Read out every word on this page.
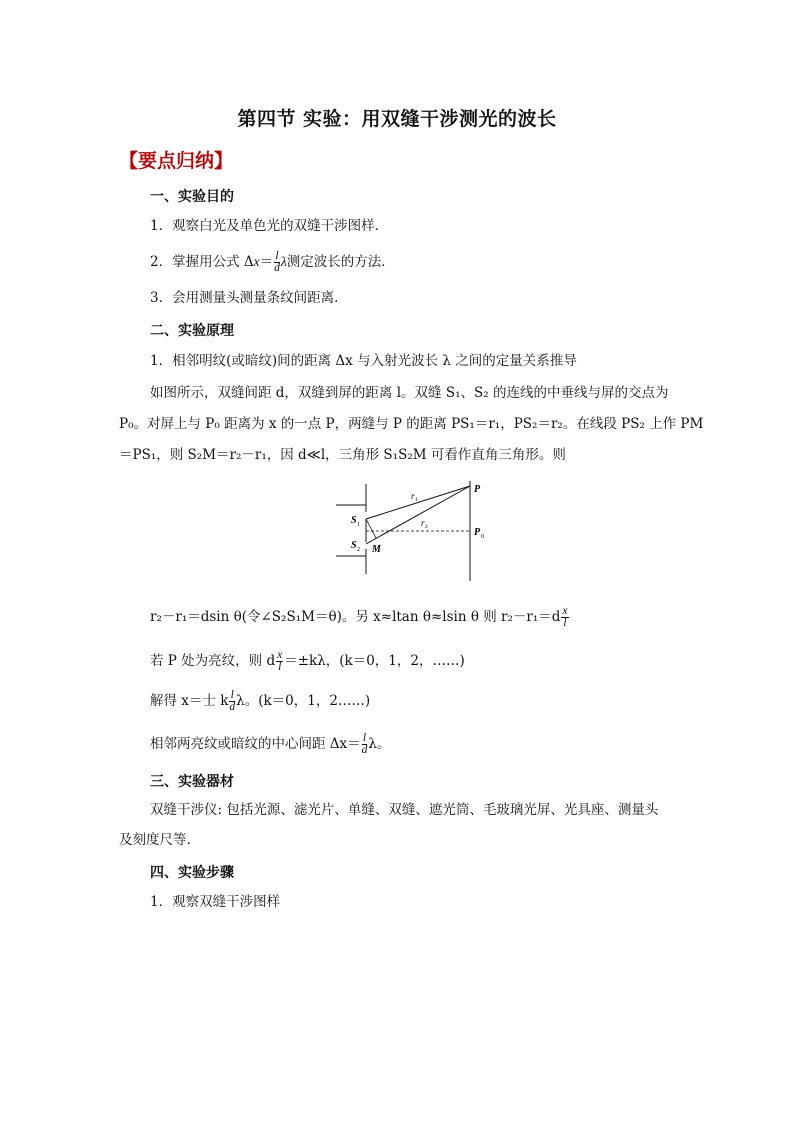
第四节 实验：用双缝干涉测光的波长
【要点归纳】
一、实验目的
1．观察白光及单色光的双缝干涉图样．
2．掌握用公式 $\Delta x= \frac{l}{d}$ λ测定波长的方法．
3．会用测量头测量条纹间距离．
二、实验原理
1．相邻明纹(或暗纹)间的距离 Δx 与入射光波长 λ 之间的定量关系推导
如图所示，双缝间距 d，双缝到屏的距离 l。双缝 S₁、S₂ 的连线的中垂线与屏的交点为
P₀。对屏上与 P₀ 距离为 x 的一点 P，两缝与 P 的距离 PS₁＝r₁，PS₂＝r₂。在线段 PS₂ 上作 PM
＝PS₁，则 S₂M＝r₂－r₁，因 d≪l，三角形 S₁S₂M 可看作直角三角形。则
P
P 0
S 1
S 2 M
r 1
r 2
r₂－r₁＝dsin θ(令∠S₂S₁M＝θ)。另 x≈ltan θ≈lsin θ 则 $r_2-r_1=d \frac{x}{l}$
若 P 处为亮纹，则 d $\frac{x}{l} =\pm k\lambda$，(k＝0，1，2，……)
解得 x＝士 k $\frac{l}{d}$ λ。(k＝0，1，2……)
相邻两亮纹或暗纹的中心间距 $\Delta x= \frac{l}{d}$ λ。
三、实验器材
双缝干涉仪: 包括光源、滤光片、单缝、双缝、遮光筒、毛玻璃光屏、光具座、测量头
及刻度尺等.
四、实验步骤
1．观察双缝干涉图样
